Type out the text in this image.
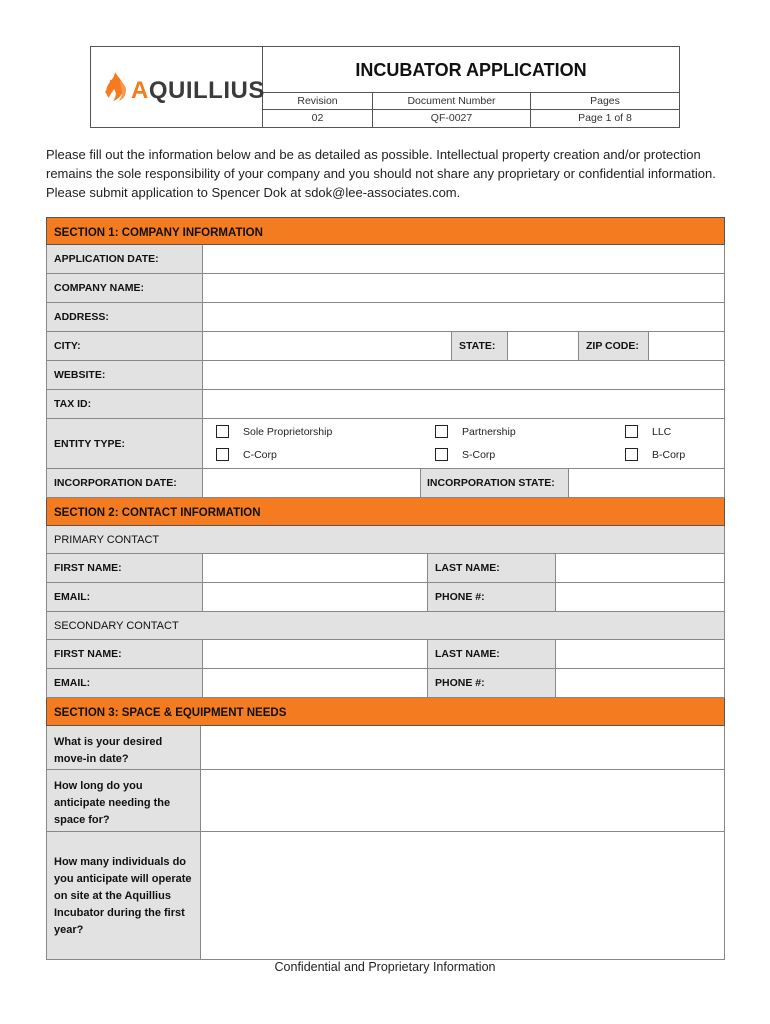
AQUILLIUS
INCUBATOR APPLICATION
Revision	Document Number	Pages
02	QF-0027	Page 1 of 8
Please fill out the information below and be as detailed as possible. Intellectual property creation and/or protection remains the sole responsibility of your company and you should not share any proprietary or confidential information. Please submit application to Spencer Dok at sdok@lee-associates.com.
SECTION 1: COMPANY INFORMATION
APPLICATION DATE:
COMPANY NAME:
ADDRESS:
CITY:	STATE:	ZIP CODE:
WEBSITE:
TAX ID:
ENTITY TYPE:
Sole Proprietorship	Partnership	LLC
C-Corp	S-Corp	B-Corp
INCORPORATION DATE:	INCORPORATION STATE:
SECTION 2: CONTACT INFORMATION
PRIMARY CONTACT
FIRST NAME:	LAST NAME:
EMAIL:	PHONE #:
SECONDARY CONTACT
FIRST NAME:	LAST NAME:
EMAIL:	PHONE #:
SECTION 3: SPACE & EQUIPMENT NEEDS
What is your desired move-in date?
How long do you anticipate needing the space for?
How many individuals do you anticipate will operate on site at the Aquillius Incubator during the first year?
Confidential and Proprietary Information
